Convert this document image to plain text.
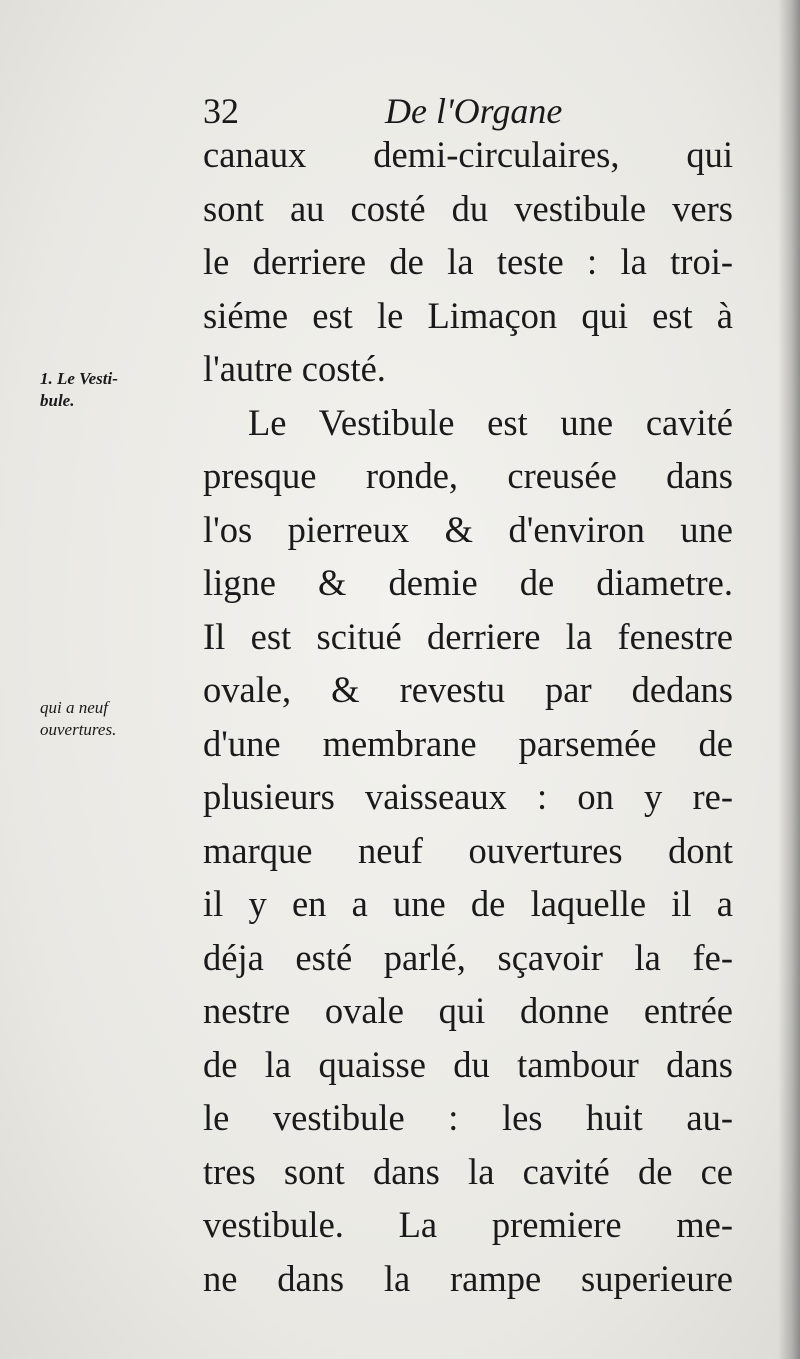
32	De l'Organe
1. Le Vesti-
bule.
qui a neuf
ouvertures.
canaux demi-circulaires, qui
sont au costé du vestibule vers
le derriere de la teste : la troi-
siéme est le Limaçon qui est à
l'autre costé.
Le Vestibule est une cavité
presque ronde, creusée dans
l'os pierreux & d'environ une
ligne & demie de diametre.
Il est scitué derriere la fenestre
ovale, & revestu par dedans
d'une membrane parsemée de
plusieurs vaisseaux : on y re-
marque neuf ouvertures dont
il y en a une de laquelle il a
déja esté parlé, sçavoir la fe-
nestre ovale qui donne entrée
de la quaisse du tambour dans
le vestibule : les huit au-
tres sont dans la cavité de ce
vestibule. La premiere me-
ne dans la rampe superieure
